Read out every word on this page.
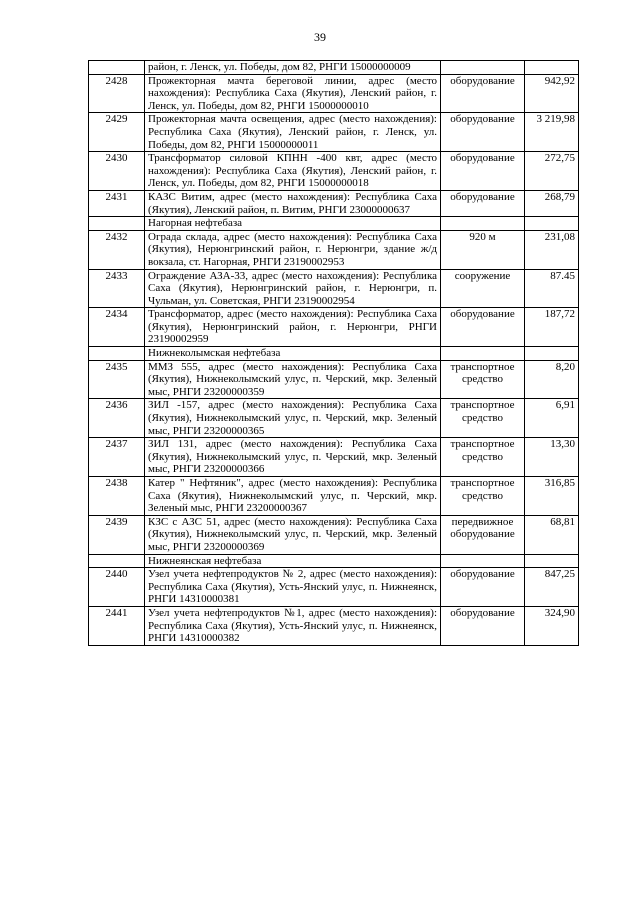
39
	район, г. Ленск, ул. Победы, дом 82, РНГИ 15000000009		
2428	Прожекторная мачта береговой линии, адрес (место нахождения): Республика Саха (Якутия), Ленский район, г. Ленск, ул. Победы, дом 82, РНГИ 15000000010	оборудование	942,92
2429	Прожекторная мачта освещения, адрес (место нахождения): Республика Саха (Якутия), Ленский район, г. Ленск, ул. Победы, дом 82, РНГИ 15000000011	оборудование	3 219,98
2430	Трансформатор силовой КПНН -400 квт, адрес (место нахождения): Республика Саха (Якутия), Ленский район, г. Ленск, ул. Победы, дом 82, РНГИ 15000000018	оборудование	272,75
2431	КАЗС Витим, адрес (место нахождения): Республика Саха (Якутия), Ленский район, п. Витим, РНГИ 23000000637	оборудование	268,79
	Нагорная нефтебаза		
2432	Ограда склада, адрес (место нахождения): Республика Саха (Якутия), Нерюнгринский район, г. Нерюнгри, здание ж/д вокзала, ст. Нагорная, РНГИ 23190002953	920 м	231,08
2433	Ограждение АЗА-33, адрес (место нахождения): Республика Саха (Якутия), Нерюнгринский район, г. Нерюнгри, п. Чульман, ул. Советская, РНГИ 23190002954	сооружение	87.45
2434	Трансформатор, адрес (место нахождения): Республика Саха (Якутия), Нерюнгринский район, г. Нерюнгри, РНГИ 23190002959	оборудование	187,72
	Нижнеколымская нефтебаза		
2435	ММЗ 555, адрес (место нахождения): Республика Саха (Якутия), Нижнеколымский улус, п. Черский, мкр. Зеленый мыс, РНГИ 23200000359	транспортное средство	8,20
2436	ЗИЛ -157, адрес (место нахождения): Республика Саха (Якутия), Нижнеколымский улус, п. Черский, мкр. Зеленый мыс, РНГИ 23200000365	транспортное средство	6,91
2437	ЗИЛ 131, адрес (место нахождения): Республика Саха (Якутия), Нижнеколымский улус, п. Черский, мкр. Зеленый мыс, РНГИ 23200000366	транспортное средство	13,30
2438	Катер " Нефтяник", адрес (место нахождения): Республика Саха (Якутия), Нижнеколымский улус, п. Черский, мкр. Зеленый мыс, РНГИ 23200000367	транспортное средство	316,85
2439	КЗС с АЗС 51, адрес (место нахождения): Республика Саха (Якутия), Нижнеколымский улус, п. Черский, мкр. Зеленый мыс, РНГИ 23200000369	передвижное оборудование	68,81
	Нижнеянская нефтебаза		
2440	Узел учета нефтепродуктов № 2, адрес (место нахождения): Республика Саха (Якутия), Усть-Янский улус, п. Нижнеянск, РНГИ 14310000381	оборудование	847,25
2441	Узел учета нефтепродуктов №1, адрес (место нахождения): Республика Саха (Якутия), Усть-Янский улус, п. Нижнеянск, РНГИ 14310000382	оборудование	324,90
